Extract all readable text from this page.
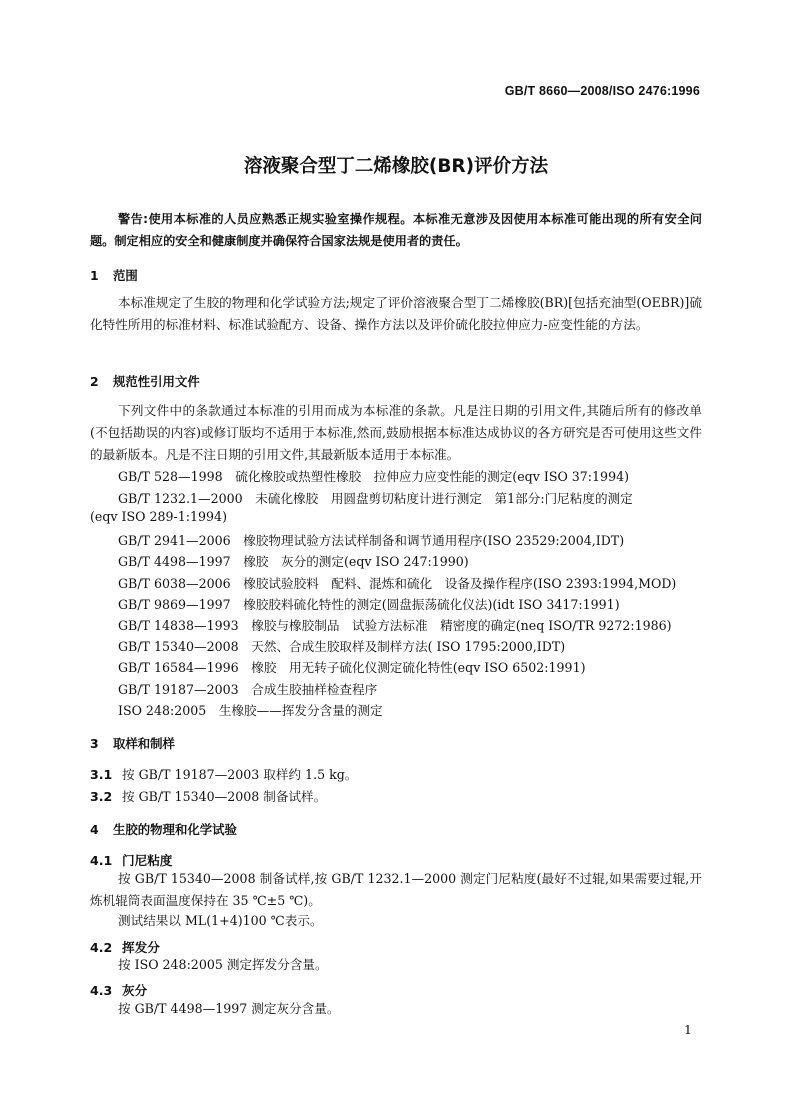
GB/T 8660—2008/ISO 2476:1996
溶液聚合型丁二烯橡胶(BR)评价方法
警告:使用本标准的人员应熟悉正规实验室操作规程。本标准无意涉及因使用本标准可能出现的所有安全问题。制定相应的安全和健康制度并确保符合国家法规是使用者的责任。
1 范围
本标准规定了生胶的物理和化学试验方法;规定了评价溶液聚合型丁二烯橡胶(BR)[包括充油型(OEBR)]硫化特性所用的标准材料、标准试验配方、设备、操作方法以及评价硫化胶拉伸应力-应变性能的方法。
2 规范性引用文件
下列文件中的条款通过本标准的引用而成为本标准的条款。凡是注日期的引用文件,其随后所有的修改单(不包括勘误的内容)或修订版均不适用于本标准,然而,鼓励根据本标准达成协议的各方研究是否可使用这些文件的最新版本。凡是不注日期的引用文件,其最新版本适用于本标准。
GB/T 528—1998　硫化橡胶或热塑性橡胶　拉伸应力应变性能的测定(eqv ISO 37:1994)
GB/T 1232.1—2000　未硫化橡胶　用圆盘剪切粘度计进行测定　第1部分:门尼粘度的测定
(eqv ISO 289-1:1994)
GB/T 2941—2006　橡胶物理试验方法试样制备和调节通用程序(ISO 23529:2004,IDT)
GB/T 4498—1997　橡胶　灰分的测定(eqv ISO 247:1990)
GB/T 6038—2006　橡胶试验胶料　配料、混炼和硫化　设备及操作程序(ISO 2393:1994,MOD)
GB/T 9869—1997　橡胶胶料硫化特性的测定(圆盘振荡硫化仪法)(idt ISO 3417:1991)
GB/T 14838—1993　橡胶与橡胶制品　试验方法标准　精密度的确定(neq ISO/TR 9272:1986)
GB/T 15340—2008　天然、合成生胶取样及制样方法( ISO 1795:2000,IDT)
GB/T 16584—1996　橡胶　用无转子硫化仪测定硫化特性(eqv ISO 6502:1991)
GB/T 19187—2003　合成生胶抽样检查程序
ISO 248:2005　生橡胶——挥发分含量的测定
3 取样和制样
3.1 按 GB/T 19187—2003 取样约 1.5 kg。
3.2 按 GB/T 15340—2008 制备试样。
4 生胶的物理和化学试验
4.1 门尼粘度
按 GB/T 15340—2008 制备试样,按 GB/T 1232.1—2000 测定门尼粘度(最好不过辊,如果需要过辊,开炼机辊筒表面温度保持在 35 ℃±5 ℃)。
测试结果以 ML(1+4)100 ℃表示。
4.2 挥发分
按 ISO 248:2005 测定挥发分含量。
4.3 灰分
按 GB/T 4498—1997 测定灰分含量。
1
